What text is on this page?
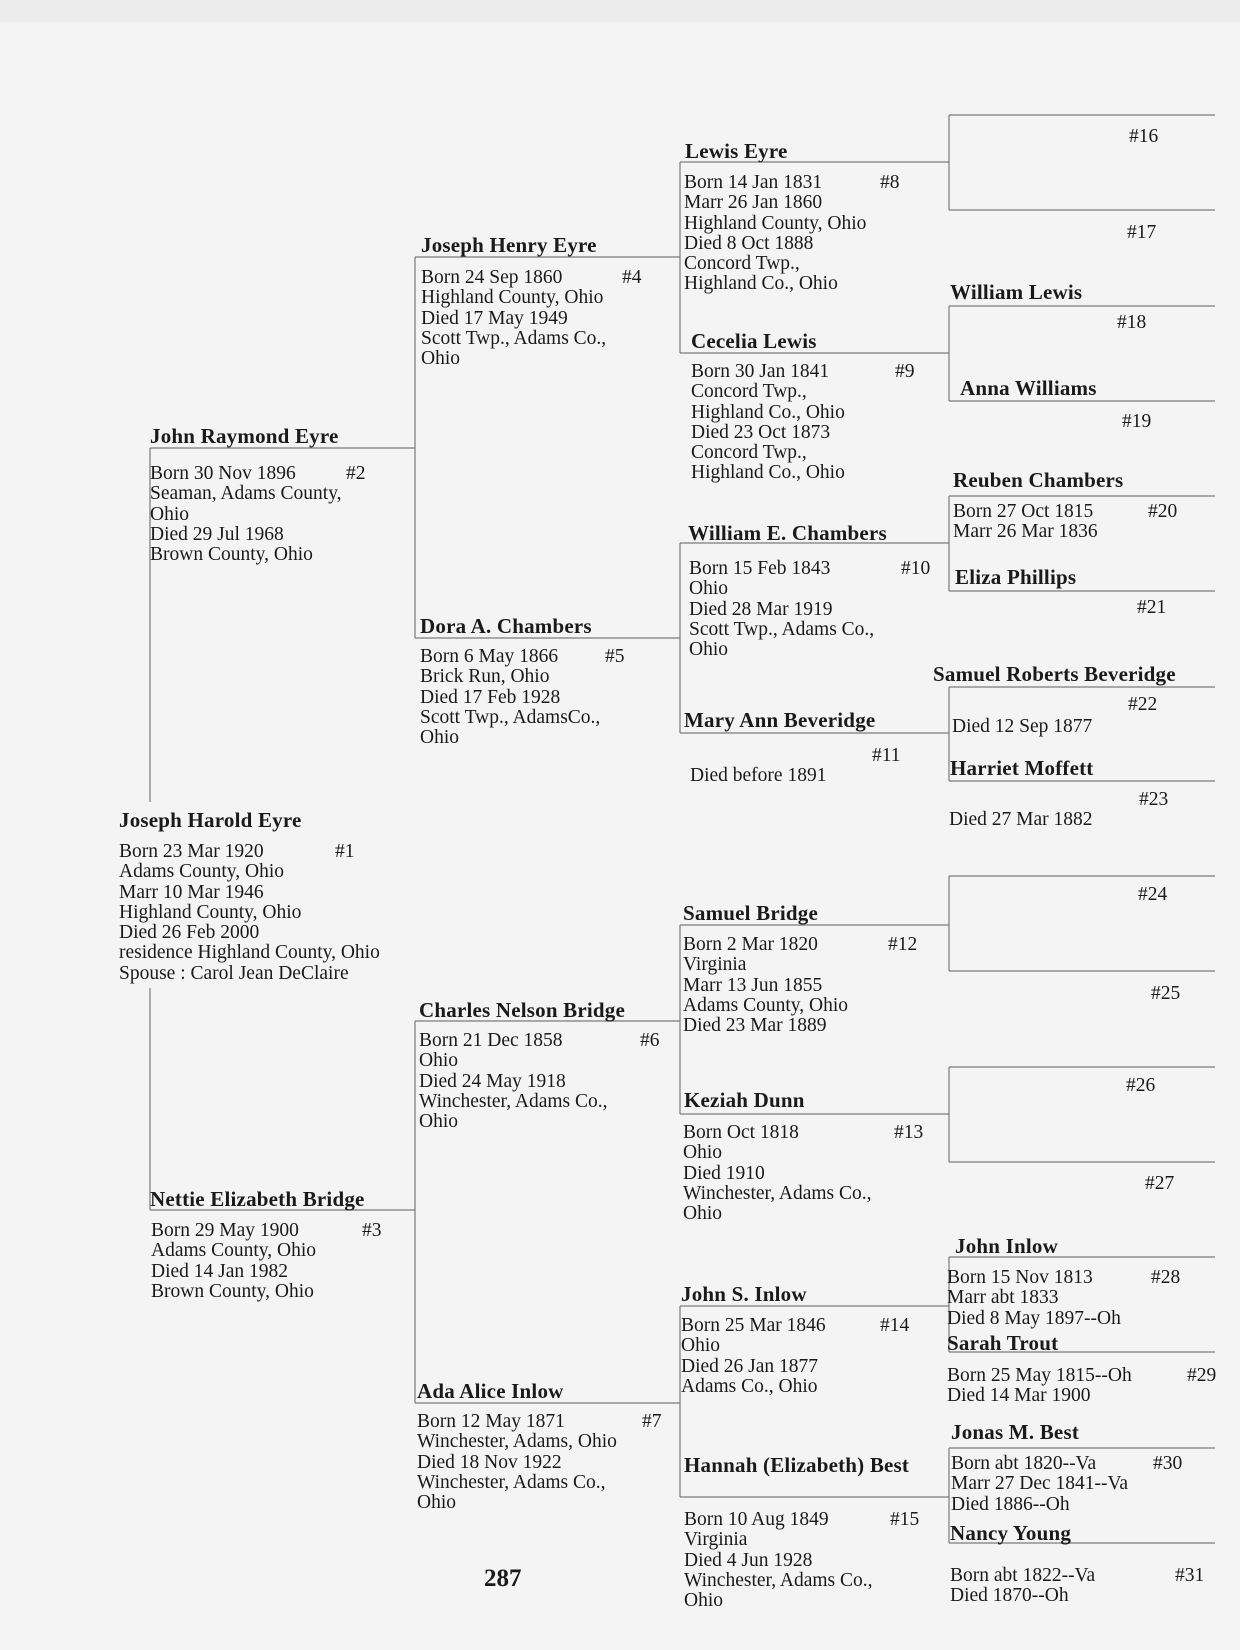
Joseph Harold Eyre
#1
Born 23 Mar 1920
Adams County, Ohio
Marr 10 Mar 1946
Highland County, Ohio
Died 26 Feb 2000
residence Highland County, Ohio
Spouse : Carol Jean DeClaire
John Raymond Eyre
#2
Born 30 Nov 1896
Seaman, Adams County,
Ohio
Died 29 Jul 1968
Brown County, Ohio
Nettie Elizabeth Bridge
#3
Born 29 May 1900
Adams County, Ohio
Died 14 Jan 1982
Brown County, Ohio
Joseph Henry Eyre
#4
Born 24 Sep 1860
Highland County, Ohio
Died 17 May 1949
Scott Twp., Adams Co.,
Ohio
Dora A. Chambers
#5
Born 6 May 1866
Brick Run, Ohio
Died 17 Feb 1928
Scott Twp., AdamsCo.,
Ohio
Charles Nelson Bridge
#6
Born 21 Dec 1858
Ohio
Died 24 May 1918
Winchester, Adams Co.,
Ohio
Ada Alice Inlow
#7
Born 12 May 1871
Winchester, Adams, Ohio
Died 18 Nov 1922
Winchester, Adams Co.,
Ohio
Lewis Eyre
#8
Born 14 Jan 1831
Marr 26 Jan 1860
Highland County, Ohio
Died 8 Oct 1888
Concord Twp.,
Highland Co., Ohio
Cecelia Lewis
#9
Born 30 Jan 1841
Concord Twp.,
Highland Co., Ohio
Died 23 Oct 1873
Concord Twp.,
Highland Co., Ohio
William E. Chambers
#10
Born 15 Feb 1843
Ohio
Died 28 Mar 1919
Scott Twp., Adams Co.,
Ohio
Mary Ann Beveridge
#11
Died before 1891
Samuel Bridge
#12
Born 2 Mar 1820
Virginia
Marr 13 Jun 1855
Adams County, Ohio
Died 23 Mar 1889
Keziah Dunn
#13
Born Oct 1818
Ohio
Died 1910
Winchester, Adams Co.,
Ohio
John S. Inlow
#14
Born 25 Mar 1846
Ohio
Died 26 Jan 1877
Adams Co., Ohio
Hannah (Elizabeth) Best
#15
Born 10 Aug 1849
Virginia
Died 4 Jun 1928
Winchester, Adams Co.,
Ohio
#16
#17
William Lewis
#18
Anna Williams
#19
Reuben Chambers
#20
Born 27 Oct 1815
Marr 26 Mar 1836
Eliza Phillips
#21
Samuel Roberts Beveridge
#22
Died 12 Sep 1877
Harriet Moffett
#23
Died 27 Mar 1882
#24
#25
#26
#27
John Inlow
#28
Born 15 Nov 1813
Marr abt 1833
Died 8 May 1897--Oh
Sarah Trout
#29
Born 25 May 1815--Oh
Died 14 Mar 1900
Jonas M. Best
#30
Born abt 1820--Va
Marr 27 Dec 1841--Va
Died 1886--Oh
Nancy Young
#31
Born abt 1822--Va
Died 1870--Oh
287
